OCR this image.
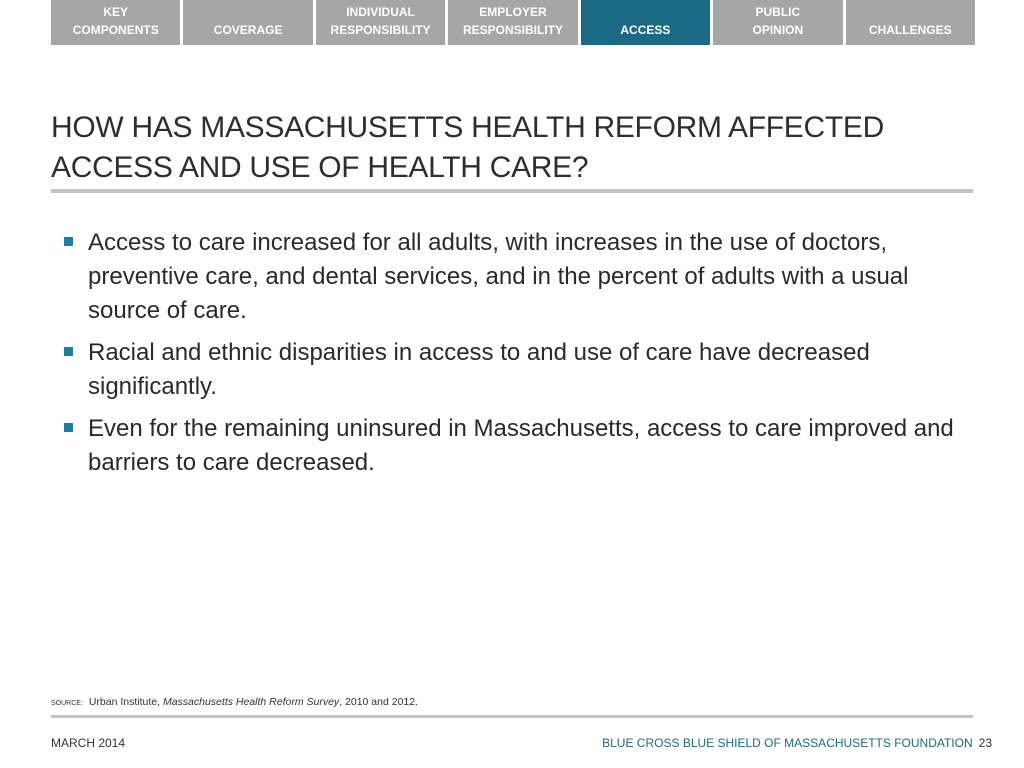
KEY
COMPONENTS	COVERAGE
INDIVIDUAL
RESPONSIBILITY
EMPLOYER
RESPONSIBILITY	ACCESS
PUBLIC
OPINION	CHALLENGES
HOW HAS MASSACHUSETTS HEALTH REFORM AFFECTED ACCESS AND USE OF HEALTH CARE?
Access to care increased for all adults, with increases in the use of doctors, preventive care, and dental services, and in the percent of adults with a usual source of care.
Racial and ethnic disparities in access to and use of care have decreased significantly.
Even for the remaining uninsured in Massachusetts, access to care improved and barriers to care decreased.
SOURCE: Urban Institute, Massachusetts Health Reform Survey, 2010 and 2012.
MARCH 2014	BLUE CROSS BLUE SHIELD OF MASSACHUSETTS FOUNDATION 23
